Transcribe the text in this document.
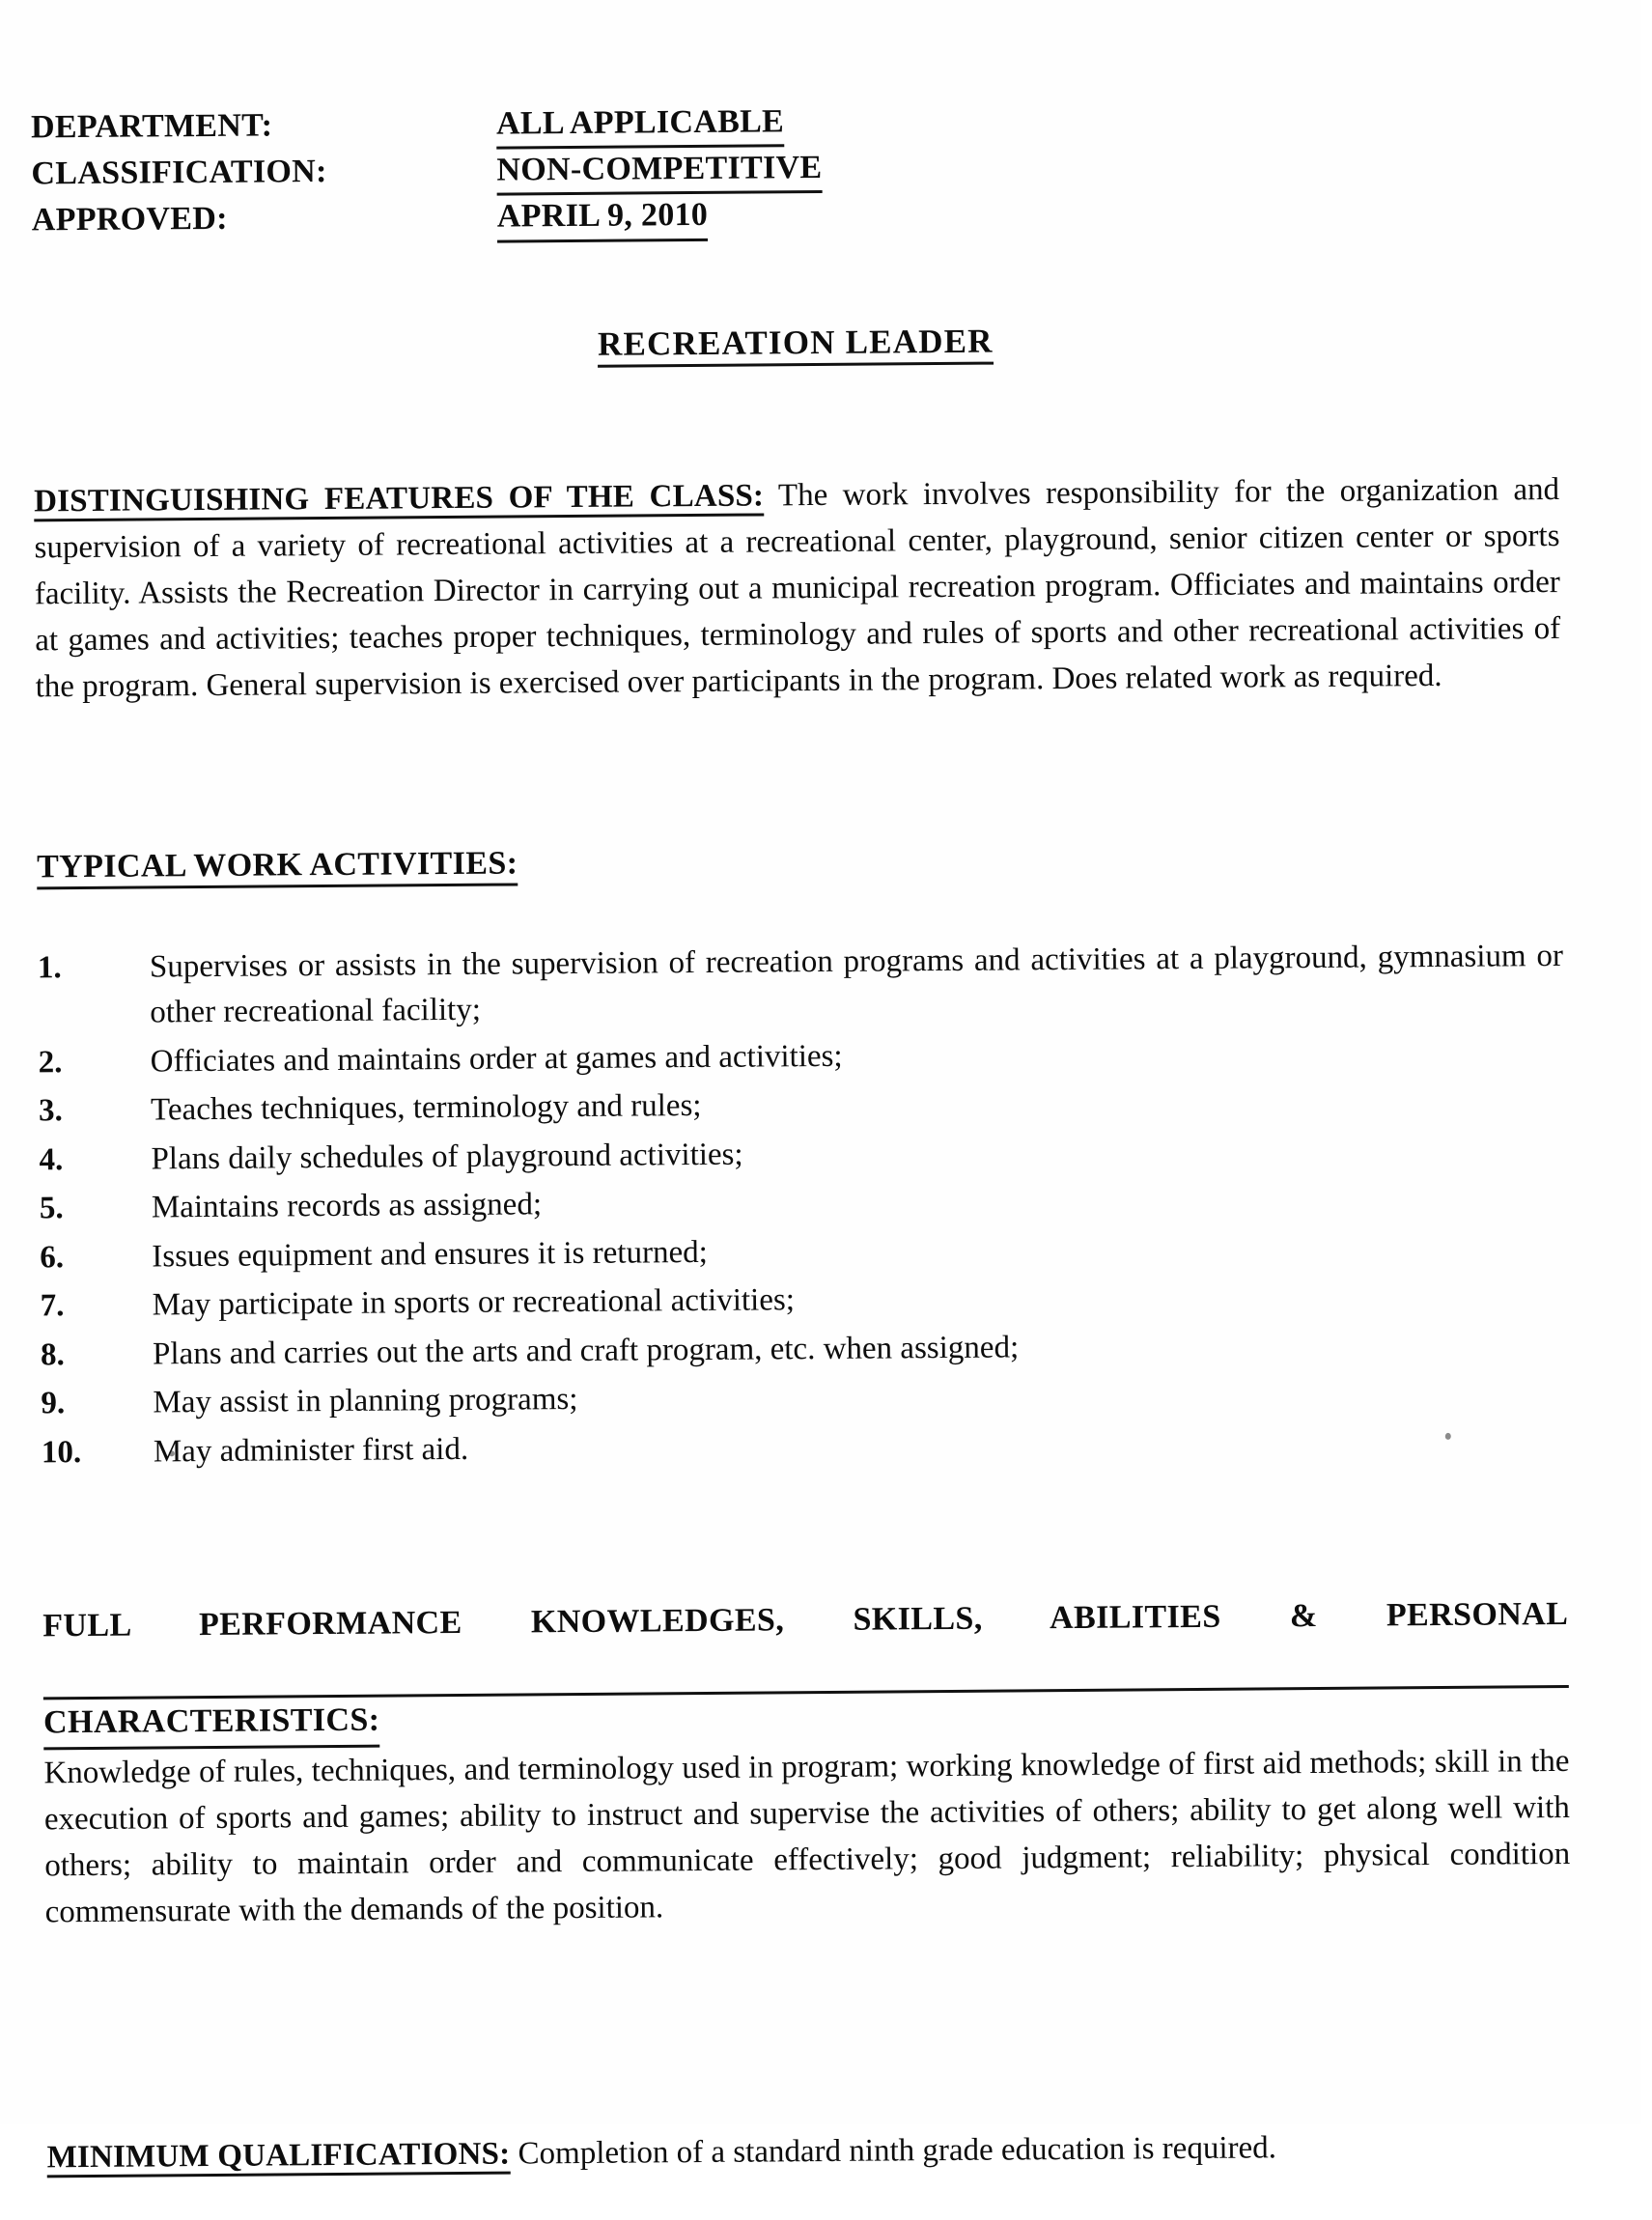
DEPARTMENT:	ALL APPLICABLE
CLASSIFICATION:	NON-COMPETITIVE
APPROVED:	APRIL 9, 2010
RECREATION LEADER

DISTINGUISHING FEATURES OF THE CLASS: The work involves responsibility for the organization and supervision of a variety of recreational activities at a recreational center, playground, senior citizen center or sports facility. Assists the Recreation Director in carrying out a municipal recreation program. Officiates and maintains order at games and activities; teaches proper techniques, terminology and rules of sports and other recreational activities of the program. General supervision is exercised over participants in the program. Does related work as required.

TYPICAL WORK ACTIVITIES:

1.	Supervises or assists in the supervision of recreation programs and activities at a playground, gymnasium or other recreational facility;
2.	Officiates and maintains order at games and activities;
3.	Teaches techniques, terminology and rules;
4.	Plans daily schedules of playground activities;
5.	Maintains records as assigned;
6.	Issues equipment and ensures it is returned;
7.	May participate in sports or recreational activities;
8.	Plans and carries out the arts and craft program, etc. when assigned;
9.	May assist in planning programs;
10.	May administer first aid.
FULL PERFORMANCE KNOWLEDGES, SKILLS, ABILITIES & PERSONAL
CHARACTERISTICS:

Knowledge of rules, techniques, and terminology used in program; working knowledge of first aid methods; skill in the execution of sports and games; ability to instruct and supervise the activities of others; ability to get along well with others; ability to maintain order and communicate effectively; good judgment; reliability; physical condition commensurate with the demands of the position.

MINIMUM QUALIFICATIONS: Completion of a standard ninth grade education is required.
